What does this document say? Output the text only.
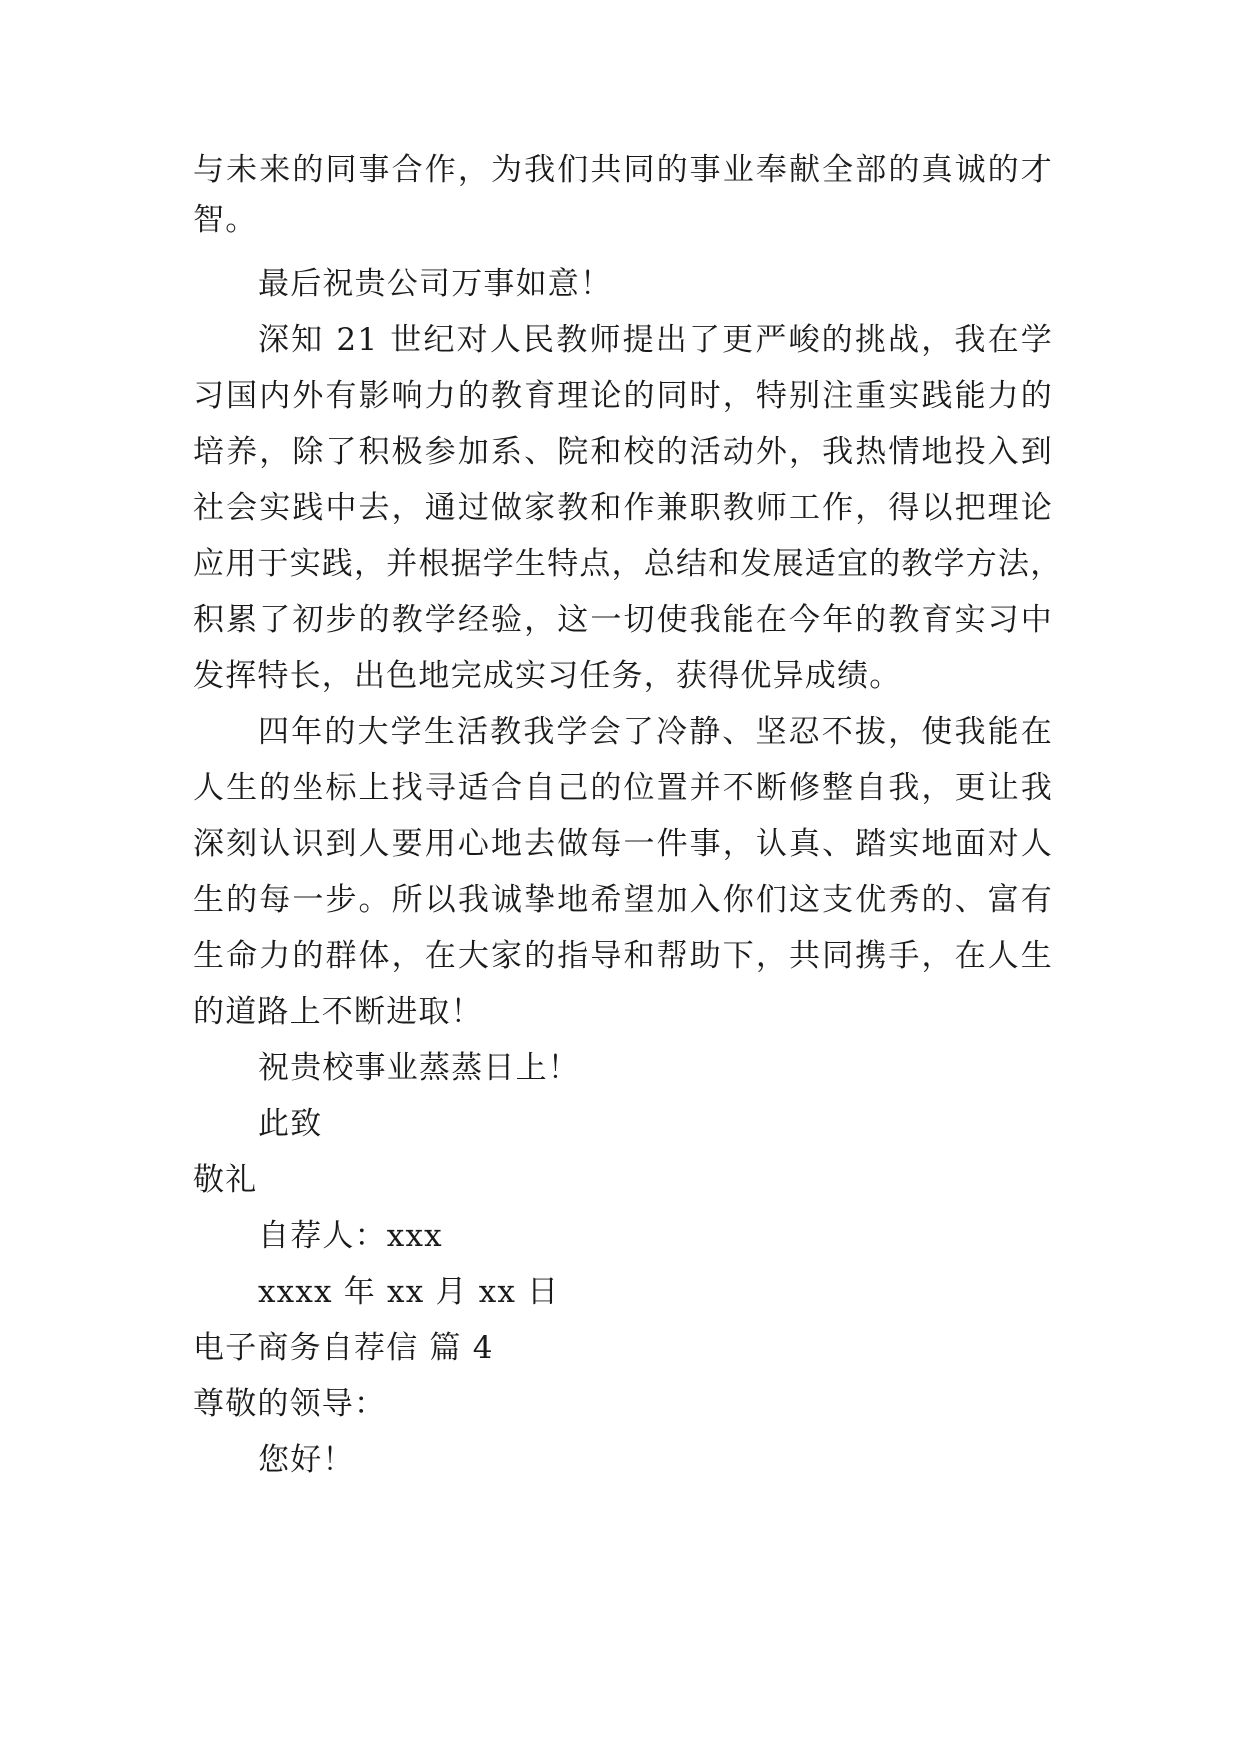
与未来的同事合作，为我们共同的事业奉献全部的真诚的才
智。
最后祝贵公司万事如意！
深知 21 世纪对人民教师提出了更严峻的挑战，我在学
习国内外有影响力的教育理论的同时，特别注重实践能力的
培养，除了积极参加系、院和校的活动外，我热情地投入到
社会实践中去，通过做家教和作兼职教师工作，得以把理论
应用于实践，并根据学生特点，总结和发展适宜的教学方法，
积累了初步的教学经验，这一切使我能在今年的教育实习中
发挥特长，出色地完成实习任务，获得优异成绩。
四年的大学生活教我学会了冷静、坚忍不拔，使我能在
人生的坐标上找寻适合自己的位置并不断修整自我，更让我
深刻认识到人要用心地去做每一件事，认真、踏实地面对人
生的每一步。所以我诚挚地希望加入你们这支优秀的、富有
生命力的群体，在大家的指导和帮助下，共同携手，在人生
的道路上不断进取！
祝贵校事业蒸蒸日上！
此致
敬礼
自荐人：xxx
xxxx 年 xx 月 xx 日
电子商务自荐信 篇 4
尊敬的领导：
您好！
